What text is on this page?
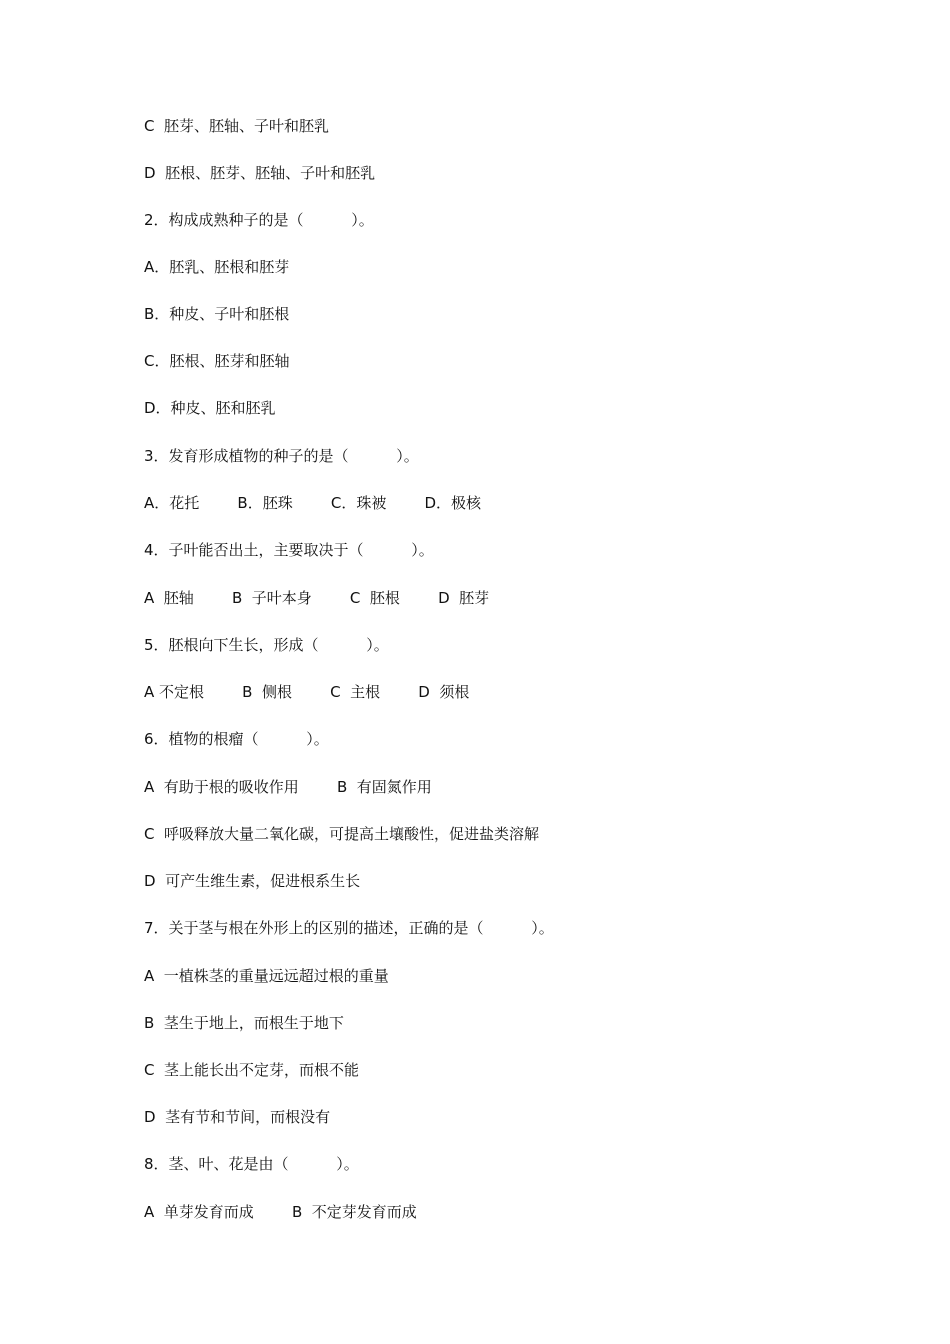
C  胚芽、胚轴、子叶和胚乳
D  胚根、胚芽、胚轴、子叶和胚乳
2．构成成熟种子的是（          ）。
A．胚乳、胚根和胚芽
B．种皮、子叶和胚根
C．胚根、胚芽和胚轴
D．种皮、胚和胚乳
3．发育形成植物的种子的是（          ）。
A．花托        B．胚珠        C．珠被        D．极核
4．子叶能否出土，主要取决于（          ）。
A  胚轴        B  子叶本身        C  胚根        D  胚芽
5．胚根向下生长，形成（          ）。
A 不定根        B  侧根        C  主根        D  须根
6．植物的根瘤（          ）。
A  有助于根的吸收作用        B  有固氮作用
C  呼吸释放大量二氧化碳，可提高土壤酸性，促进盐类溶解
D  可产生维生素，促进根系生长
7．关于茎与根在外形上的区别的描述，正确的是（          ）。
A  一植株茎的重量远远超过根的重量
B  茎生于地上，而根生于地下
C  茎上能长出不定芽，而根不能
D  茎有节和节间，而根没有
8．茎、叶、花是由（          ）。
A  单芽发育而成        B  不定芽发育而成
